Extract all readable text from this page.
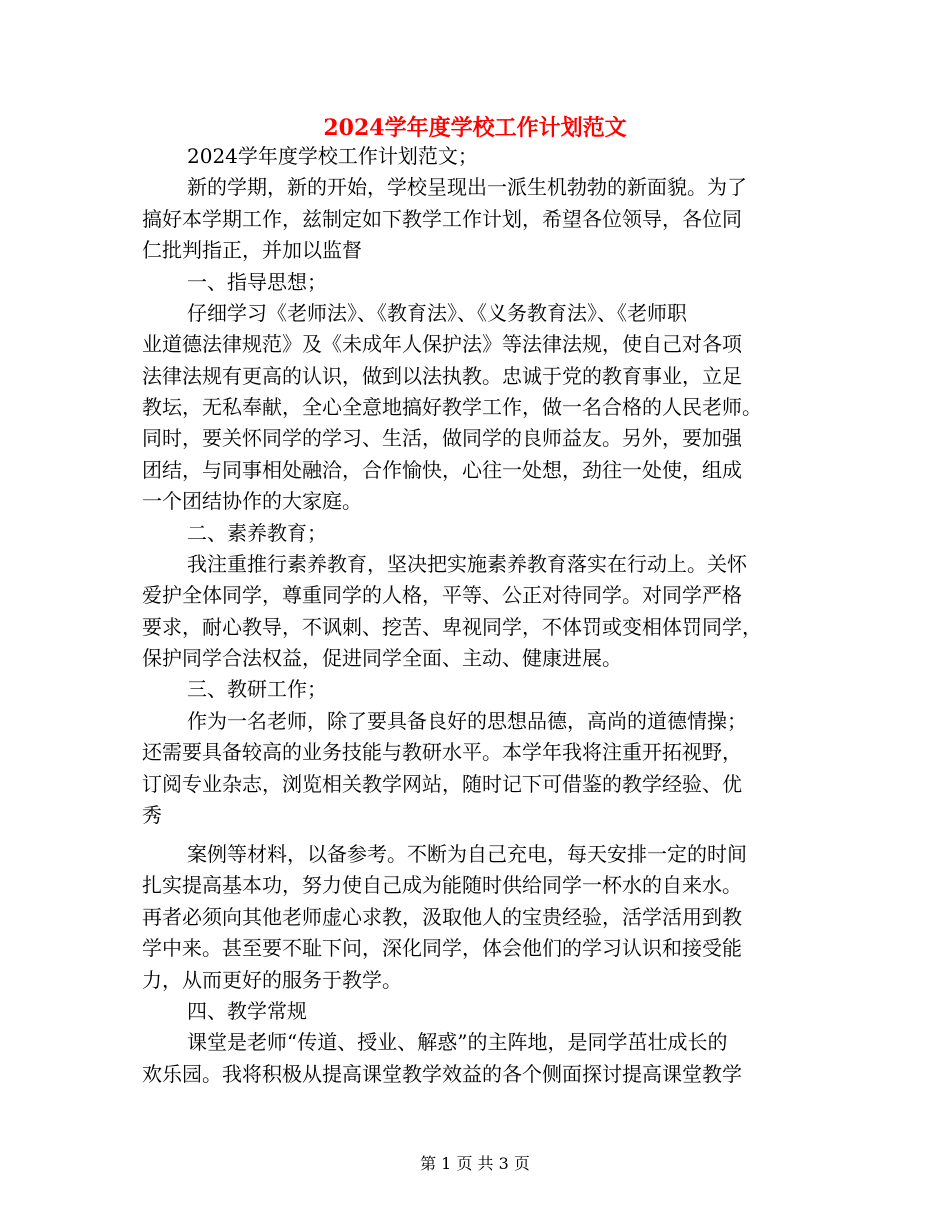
2024学年度学校工作计划范文
2024学年度学校工作计划范文；
新的学期，新的开始，学校呈现出一派生机勃勃的新面貌。为了
搞好本学期工作，兹制定如下教学工作计划，希望各位领导，各位同
仁批判指正，并加以监督
一、指导思想；
仔细学习《老师法》、《教育法》、《义务教育法》、《老师职
业道德法律规范》及《未成年人保护法》等法律法规，使自己对各项
法律法规有更高的认识，做到以法执教。忠诚于党的教育事业，立足
教坛，无私奉献，全心全意地搞好教学工作，做一名合格的人民老师。
同时，要关怀同学的学习、生活，做同学的良师益友。另外，要加强
团结，与同事相处融洽，合作愉快，心往一处想，劲往一处使，组成
一个团结协作的大家庭。
二、素养教育；
我注重推行素养教育，坚决把实施素养教育落实在行动上。关怀
爱护全体同学，尊重同学的人格，平等、公正对待同学。对同学严格
要求，耐心教导，不讽刺、挖苦、卑视同学，不体罚或变相体罚同学，
保护同学合法权益，促进同学全面、主动、健康进展。
三、教研工作；
作为一名老师，除了要具备良好的思想品德，高尚的道德情操；
还需要具备较高的业务技能与教研水平。本学年我将注重开拓视野，
订阅专业杂志，浏览相关教学网站，随时记下可借鉴的教学经验、优
秀
案例等材料，以备参考。不断为自己充电，每天安排一定的时间
扎实提高基本功，努力使自己成为能随时供给同学一杯水的自来水。
再者必须向其他老师虚心求教，汲取他人的宝贵经验，活学活用到教
学中来。甚至要不耻下问，深化同学，体会他们的学习认识和接受能
力，从而更好的服务于教学。
四、教学常规
课堂是老师“传道、授业、解惑”的主阵地，是同学茁壮成长的
欢乐园。我将积极从提高课堂教学效益的各个侧面探讨提高课堂教学
第 1 页 共 3 页
